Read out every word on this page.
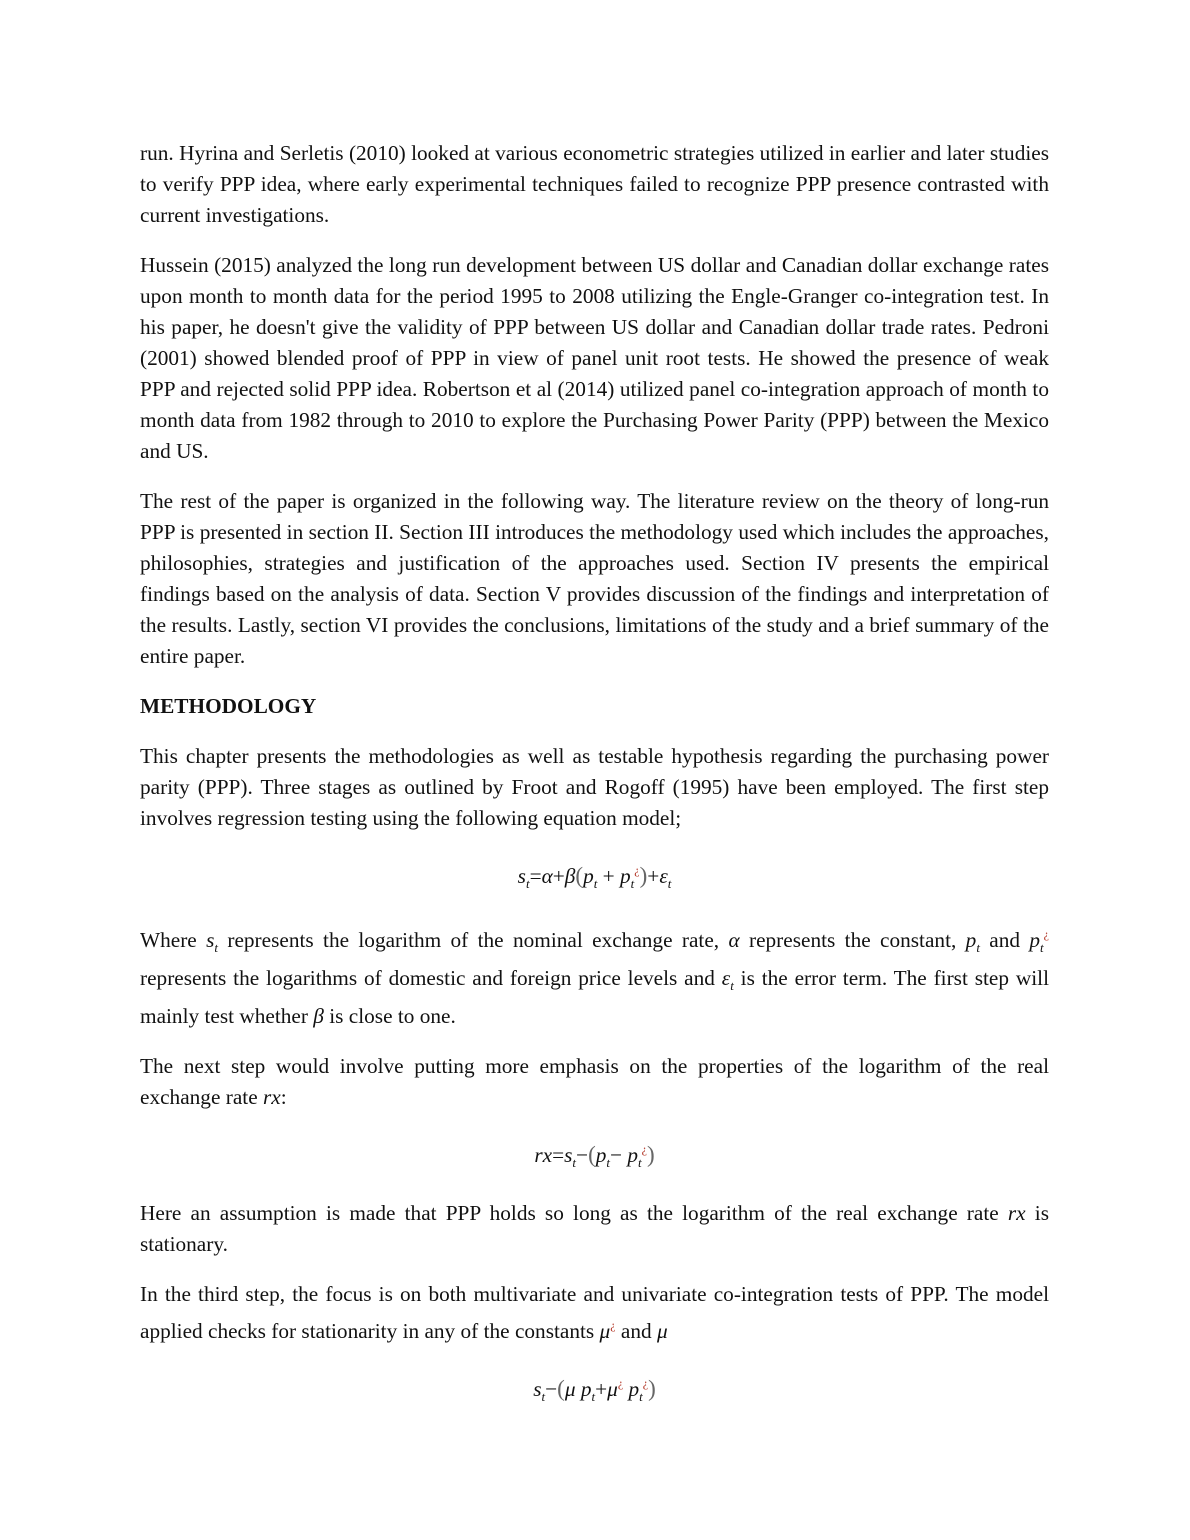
run. Hyrina and Serletis (2010) looked at various econometric strategies utilized in earlier and later studies to verify PPP idea, where early experimental techniques failed to recognize PPP presence contrasted with current investigations.

Hussein (2015) analyzed the long run development between US dollar and Canadian dollar exchange rates upon month to month data for the period 1995 to 2008 utilizing the Engle-Granger co-integration test. In his paper, he doesn't give the validity of PPP between US dollar and Canadian dollar trade rates. Pedroni (2001) showed blended proof of PPP in view of panel unit root tests. He showed the presence of weak PPP and rejected solid PPP idea. Robertson et al (2014) utilized panel co-integration approach of month to month data from 1982 through to 2010 to explore the Purchasing Power Parity (PPP) between the Mexico and US.

The rest of the paper is organized in the following way. The literature review on the theory of long-run PPP is presented in section II. Section III introduces the methodology used which includes the approaches, philosophies, strategies and justification of the approaches used. Section IV presents the empirical findings based on the analysis of data. Section V provides discussion of the findings and interpretation of the results. Lastly, section VI provides the conclusions, limitations of the study and a brief summary of the entire paper.

METHODOLOGY

This chapter presents the methodologies as well as testable hypothesis regarding the purchasing power parity (PPP). Three stages as outlined by Froot and Rogoff (1995) have been employed. The first step involves regression testing using the following equation model;

$s_t=\alpha+\beta(p_t + p_t^¿)+\varepsilon_t$

Where $s_t$ represents the logarithm of the nominal exchange rate, α represents the constant, $p_t$ and $p_t^¿$ represents the logarithms of domestic and foreign price levels and $\varepsilon_t$ is the error term. The first step will mainly test whether β is close to one.

The next step would involve putting more emphasis on the properties of the logarithm of the real exchange rate rx:

$rx=s_t-(p_t- p_t^¿)$

Here an assumption is made that PPP holds so long as the logarithm of the real exchange rate rx is stationary.

In the third step, the focus is on both multivariate and univariate co-integration tests of PPP. The model applied checks for stationarity in any of the constants μ¿ and μ

$s_t-(\mu$ $p_t+\mu^¿$ $p_t^¿$)
